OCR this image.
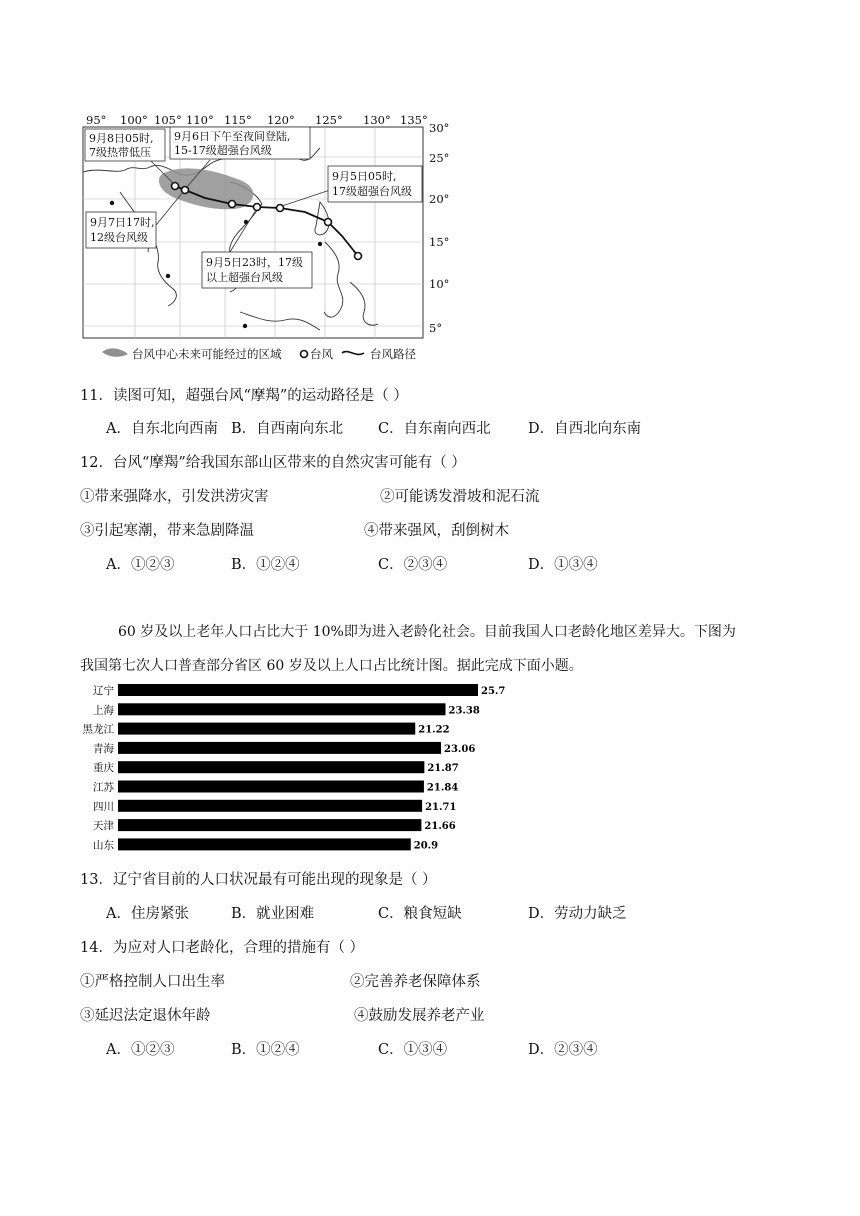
95° 100° 105° 110° 115° 120° 125° 130° 135°
30°
25°
20°
15°
10°
5°
9月8日05时,
7级热带低压
9月6日下午至夜间登陆,
15-17级超强台风级
9月5日05时,
17级超强台风级
9月7日17时,
12级台风级
9月5日23时，17级
以上超强台风级
台风中心未来可能经过的区域 台风	台风路径
11．读图可知，超强台风“摩羯”的运动路径是（ ）
A．自东北向西南 B．自西南向东北 C．自东南向西北	D．自西北向东南
12．台风“摩羯”给我国东部山区带来的自然灾害可能有（ ）
①带来强降水，引发洪涝灾害	②可能诱发滑坡和泥石流
③引起寒潮，带来急剧降温	④带来强风，刮倒树木
A．①②③	B．①②④	C．②③④	D．①③④
60 岁及以上老年人口占比大于 10%即为进入老龄化社会。目前我国人口老龄化地区差异大。下图为
我国第七次人口普查部分省区 60 岁及以上人口占比统计图。据此完成下面小题。
辽宁	25.7
上海	23.38
黑龙江	21.22
青海	23.06
重庆	21.87
江苏	21.84
四川	21.71
天津	21.66
山东	20.9
13．辽宁省目前的人口状况最有可能出现的现象是（ ）
A．住房紧张	B．就业困难	C．粮食短缺	D．劳动力缺乏
14．为应对人口老龄化，合理的措施有（ ）
①严格控制人口出生率	②完善养老保障体系
③延迟法定退休年龄	④鼓励发展养老产业
A．①②③	B．①②④	C．①③④	D．②③④
